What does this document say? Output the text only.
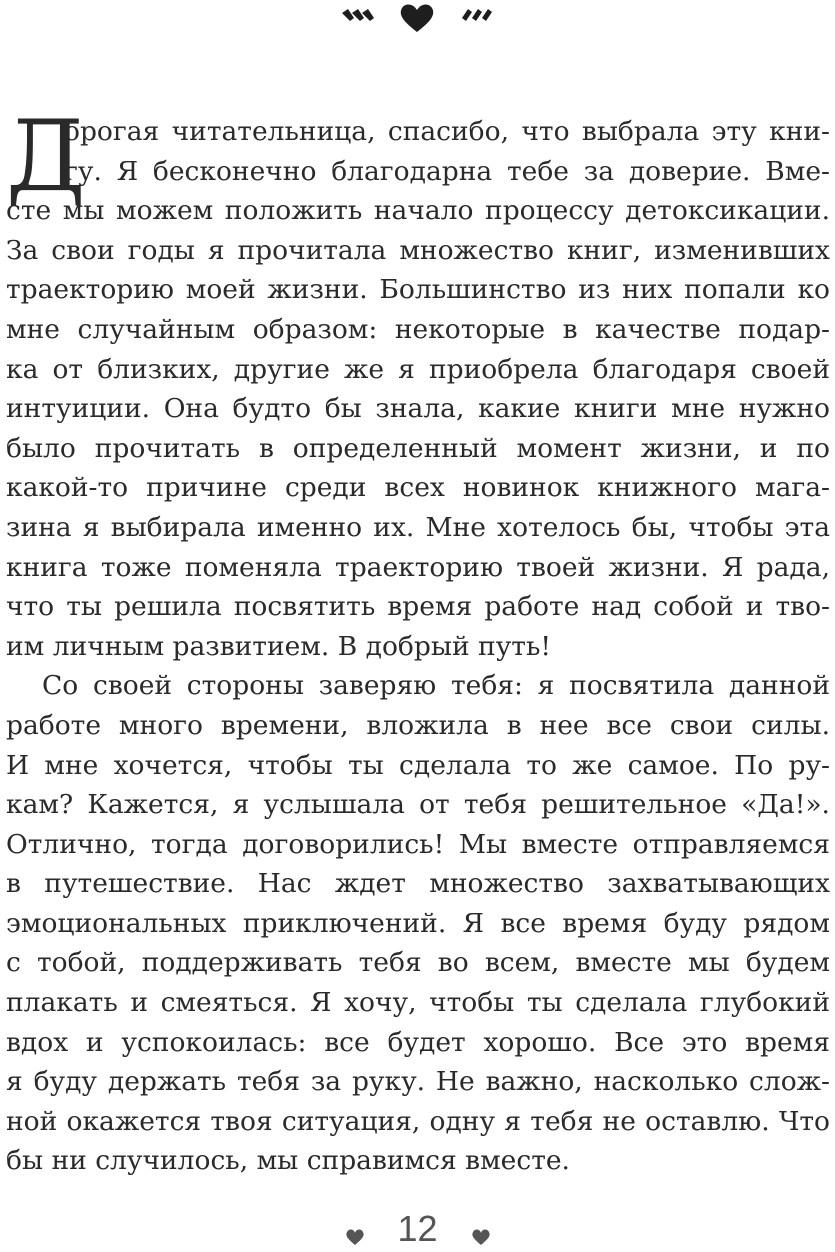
Д
орогая читательница, спасибо, что выбрала эту кни-
гу. Я бесконечно благодарна тебе за доверие. Вме-
сте мы можем положить начало процессу детоксикации.
За свои годы я прочитала множество книг, изменивших
траекторию моей жизни. Большинство из них попали ко
мне случайным образом: некоторые в качестве подар-
ка от близких, другие же я приобрела благодаря своей
интуиции. Она будто бы знала, какие книги мне нужно
было прочитать в определенный момент жизни, и по
какой-то причине среди всех новинок книжного мага-
зина я выбирала именно их. Мне хотелось бы, чтобы эта
книга тоже поменяла траекторию твоей жизни. Я рада,
что ты решила посвятить время работе над собой и тво-
им личным развитием. В добрый путь!
Со своей стороны заверяю тебя: я посвятила данной
работе много времени, вложила в нее все свои силы.
И мне хочется, чтобы ты сделала то же самое. По ру-
кам? Кажется, я услышала от тебя решительное «Да!».
Отлично, тогда договорились! Мы вместе отправляемся
в путешествие. Нас ждет множество захватывающих
эмоциональных приключений. Я все время буду рядом
с тобой, поддерживать тебя во всем, вместе мы будем
плакать и смеяться. Я хочу, чтобы ты сделала глубокий
вдох и успокоилась: все будет хорошо. Все это время
я буду держать тебя за руку. Не важно, насколько слож-
ной окажется твоя ситуация, одну я тебя не оставлю. Что
бы ни случилось, мы справимся вместе.
12
